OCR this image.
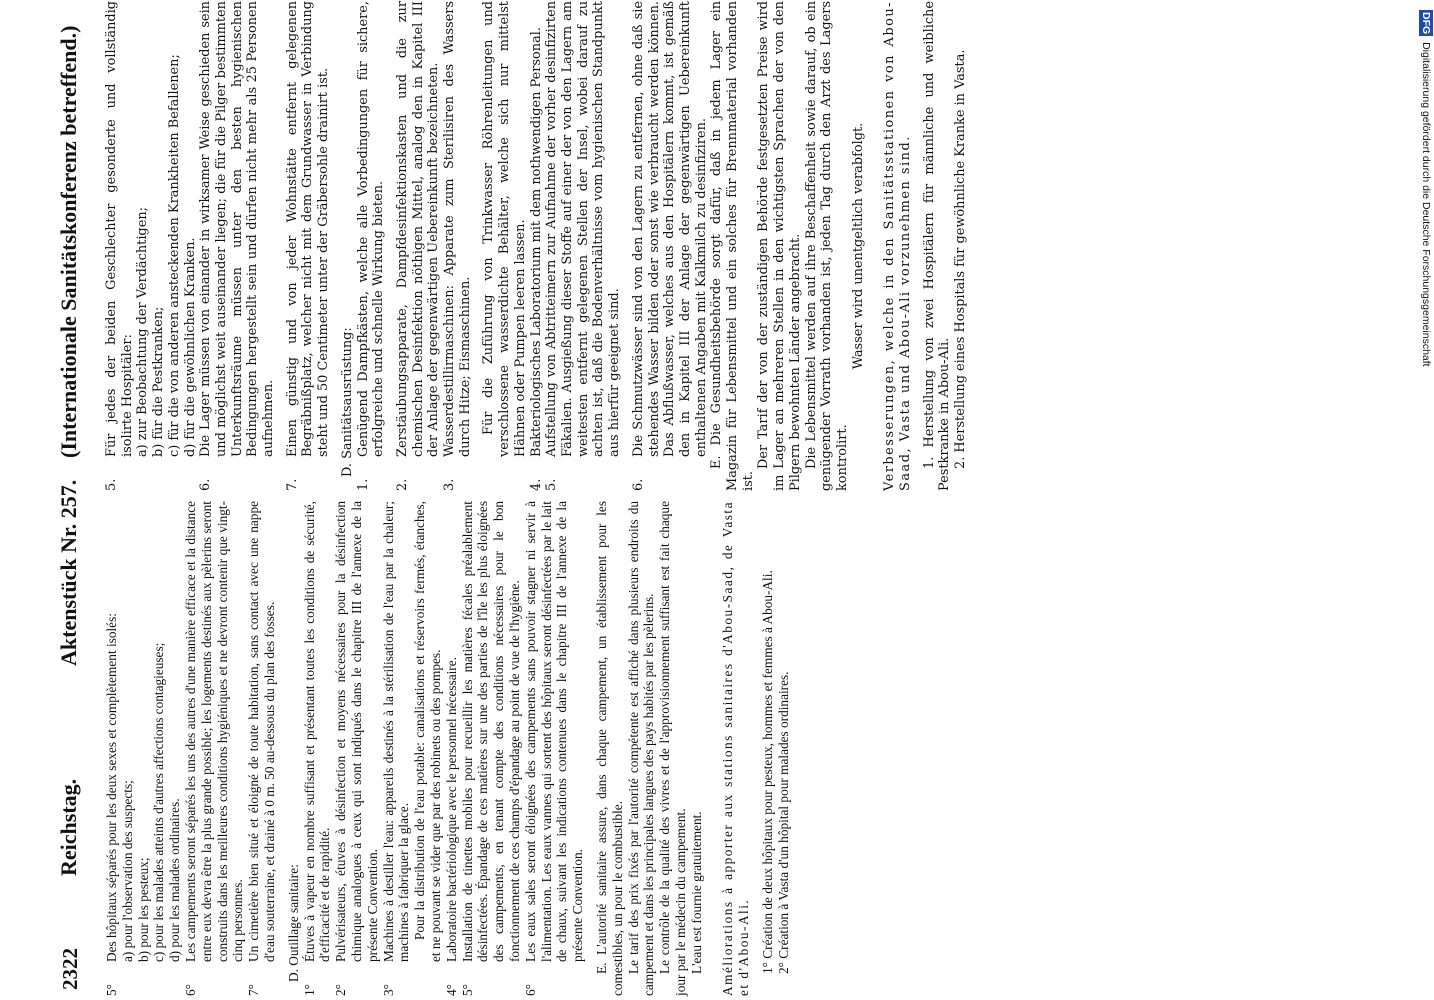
2322
Reichstag.
Aktenstück Nr. 257.
(Internationale Sanitätskonferenz betreffend.)
5°
Des hôpitaux séparés pour les deux sexes et complètement isolés: a) pour l'observation des suspects; b) pour les pesteux; c) pour les malades atteints d'autres affections contagieuses; d) pour les malades ordinaires.

6°
Les campements seront séparés les uns des autres d'une manière efficace et la distance entre eux devra être la plus grande possible; les logements destinés aux pèlerins seront construits dans les meilleures conditions hygiéniques et ne devront contenir que vingt-cinq personnes.
7°
Un cimetière bien situé et éloigné de toute habitation, sans contact avec une nappe d'eau souterraine, et drainé à 0 m. 50 au-dessous du plan des fosses. D. Outillage sanitaire:

1°
Étuves à vapeur en nombre suffisant et présentant toutes les conditions de sécurité, d'efficacité et de rapidité.
2°
Pulvérisateurs, étuves à désinfection et moyens nécessaires pour la désinfection chimique analogues à ceux qui sont indiqués dans le chapitre III de l'annexe de la présente Convention.
3°
Machines à destiller l'eau: appareils destinés à la stérilisation de l'eau par la chaleur; machines à fabriquer la glace. Pour la distribution de l'eau potable: canalisations et réservoirs fermés, étanches, et ne pouvant se vider que par des robinets ou des pompes.

4°
Laboratoire bactériologique avec le personnel nécessaire.
5°
Installation de tinettes mobiles pour recueillir les matières fécales préalablement désinfectées. Épandage de ces matières sur une des parties de l'île les plus éloignées des campements, en tenant compte des conditions nécessaires pour le bon fonctionnement de ces champs d'épandage au point de vue de l'hygiène.
6°
Les eaux sales seront éloignées des campements sans pouvoir stagner ni servir à l'alimentation. Les eaux vannes qui sortent des hôpitaux seront désinfectées par le lait de chaux, suivant les indications contenues dans le chapitre III de l'annexe de la présente Convention. E. L'autorité sanitaire assure, dans chaque campement, un établissement pour les comestibles, un pour le combustible. Le tarif des prix fixés par l'autorité compétente est affiché dans plusieurs endroits du campement et dans les principales langues des pays habités par les pèlerins. Le contrôle de la qualité des vivres et de l'approvisionnement suffisant est fait chaque jour par le médecin du campement. L'eau est fournie gratuitement. Améliorations à apporter aux stations sanitaires d'Abou-Saad, de Vasta et d'Abou-Ali. 1° Création de deux hôpitaux pour pesteux, hommes et femmes à Abou-Ali. 2° Création à Vasta d'un hôpital pour malades ordinaires.

5.
Für jedes der beiden Geschlechter gesonderte und vollständig isolirte Hospitäler: a) zur Beobachtung der Verdächtigen; b) für die Pestkranken; c) für die von anderen ansteckenden Krankheiten Befallenen; d) für die gewöhnlichen Kranken.

6.
Die Lager müssen von einander in wirksamer Weise geschieden sein und möglichst weit auseinander liegen; die für die Pilger bestimmten Unterkunftsräume müssen unter den besten hygienischen Bedingungen hergestellt sein und dürfen nicht mehr als 25 Personen aufnehmen.
7.
Einen günstig und von jeder Wohnstätte entfernt gelegenen Begräbnißplatz, welcher nicht mit dem Grundwasser in Verbindung steht und 50 Centimeter unter der Gräbersohle drainirt ist. D. Sanitätsausrüstung:

1.
Genügend Dampfkästen, welche alle Vorbedingungen für sichere, erfolgreiche und schnelle Wirkung bieten.
2.
Zerstäubungsapparate, Dampfdesinfektionskasten und die zur chemischen Desinfektion nöthigen Mittel, analog den in Kapitel III der Anlage der gegenwärtigen Uebereinkunft bezeichneten.
3.
Wasserdestillirmaschinen: Apparate zum Sterilisiren des Wassers durch Hitze; Eismaschinen. Für die Zuführung von Trinkwasser Röhrenleitungen und verschlossene wasserdichte Behälter, welche sich nur mittelst Hähnen oder Pumpen leeren lassen.

4.
Bakteriologisches Laboratorium mit dem nothwendigen Personal.
5.
Aufstellung von Abtritteimern zur Aufnahme der vorher desinfizirten Fäkalien. Ausgießung dieser Stoffe auf einer der von den Lagern am weitesten entfernt gelegenen Stellen der Insel, wobei darauf zu achten ist, daß die Bodenverhältnisse vom hygienischen Standpunkt aus hierfür geeignet sind.
6.
Die Schmutzwässer sind von den Lagern zu entfernen, ohne daß sie stehendes Wasser bilden oder sonst wie verbraucht werden können. Das Abflußwasser, welches aus den Hospitälern kommt, ist gemäß den in Kapitel III der Anlage der gegenwärtigen Uebereinkunft enthaltenen Angaben mit Kalkmilch zu desinfiziren. E. Die Gesundheitsbehörde sorgt dafür, daß in jedem Lager ein Magazin für Lebensmittel und ein solches für Brennmaterial vorhanden ist.

Der Tarif der von der zuständigen Behörde festgesetzten Preise wird im Lager an mehreren Stellen in den wichtigsten Sprachen der von den Pilgern bewohnten Länder angebracht. Die Lebensmittel werden auf ihre Beschaffenheit sowie darauf, ob ein genügender Vorrath vorhanden ist, jeden Tag durch den Arzt des Lagers kontrolirt.

Wasser wird unentgeltlich verabfolgt. Verbesserungen, welche in den Sanitätsstationen von Abou-Saad, Vasta und Abou-Ali vorzunehmen sind. 1. Herstellung von zwei Hospitälern für männliche und weibliche Pestkranke in Abou-Ali. 2. Herstellung eines Hospitals für gewöhnliche Kranke in Vasta.

DFG Digitalisierung gefördert durch die Deutsche Forschungsgemeinschaft
